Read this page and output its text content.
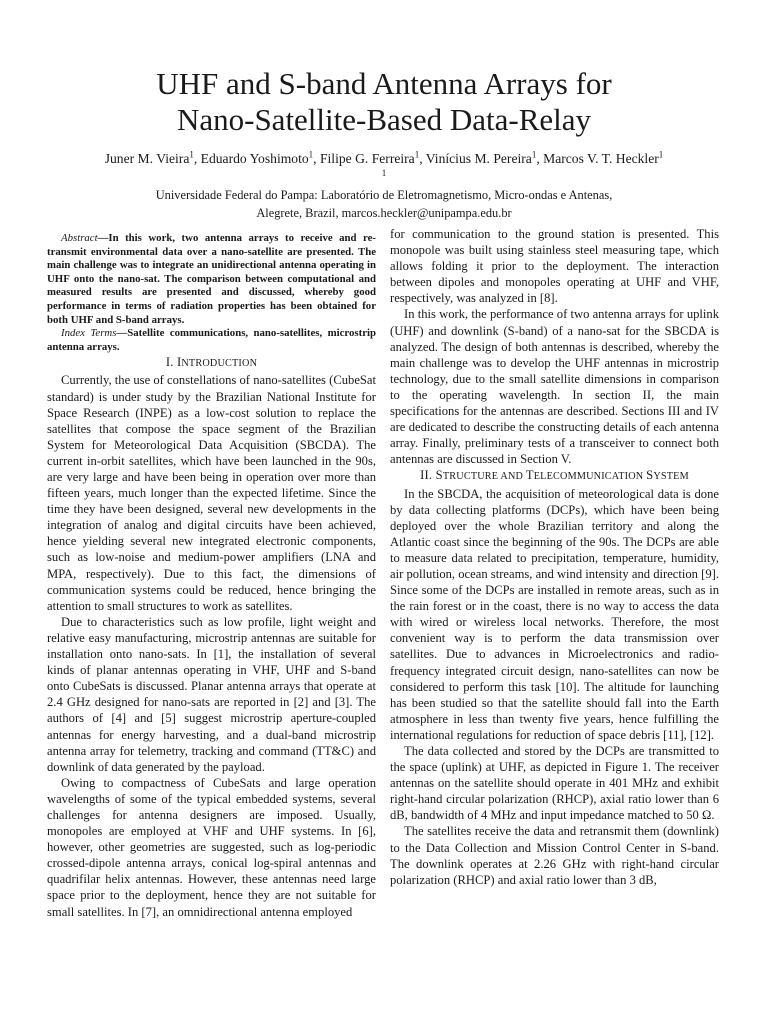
UHF and S-band Antenna Arrays for
Nano-Satellite-Based Data-Relay
Juner M. Vieira$^1$, Eduardo Yoshimoto$^1$, Filipe G. Ferreira$^1$, Vinícius M. Pereira$^1$, Marcos V. T. Heckler$^1$
$^1$
Universidade Federal do Pampa: Laboratório de Eletromagnetismo, Micro-ondas e Antenas,
Alegrete, Brazil, marcos.heckler@unipampa.edu.br

Abstract—In this work, two antenna arrays to receive and re-transmit environmental data over a nano-satellite are presented. The main challenge was to integrate an unidirectional antenna operating in UHF onto the nano-sat. The comparison between computational and measured results are presented and discussed, whereby good performance in terms of radiation properties has been obtained for both UHF and S-band arrays.

Index Terms—Satellite communications, nano-satellites, microstrip antenna arrays.

I. INTRODUCTION

Currently, the use of constellations of nano-satellites (CubeSat standard) is under study by the Brazilian National Institute for Space Research (INPE) as a low-cost solution to replace the satellites that compose the space segment of the Brazilian System for Meteorological Data Acquisition (SBCDA). The current in-orbit satellites, which have been launched in the 90s, are very large and have been being in operation over more than fifteen years, much longer than the expected lifetime. Since the time they have been designed, several new developments in the integration of analog and digital circuits have been achieved, hence yielding several new integrated electronic components, such as low-noise and medium-power amplifiers (LNA and MPA, respectively). Due to this fact, the dimensions of communication systems could be reduced, hence bringing the attention to small structures to work as satellites.

Due to characteristics such as low profile, light weight and relative easy manufacturing, microstrip antennas are suitable for installation onto nano-sats. In [1], the installation of several kinds of planar antennas operating in VHF, UHF and S-band onto CubeSats is discussed. Planar antenna arrays that operate at 2.4 GHz designed for nano-sats are reported in [2] and [3]. The authors of [4] and [5] suggest microstrip aperture-coupled antennas for energy harvesting, and a dual-band microstrip antenna array for telemetry, tracking and command (TT&C) and downlink of data generated by the payload.

Owing to compactness of CubeSats and large operation wavelengths of some of the typical embedded systems, several challenges for antenna designers are imposed. Usually, monopoles are employed at VHF and UHF systems. In [6], however, other geometries are suggested, such as log-periodic crossed-dipole antenna arrays, conical log-spiral antennas and quadrifilar helix antennas. However, these antennas need large space prior to the deployment, hence they are not suitable for small satellites. In [7], an omnidirectional antenna employed

for communication to the ground station is presented. This monopole was built using stainless steel measuring tape, which allows folding it prior to the deployment. The interaction between dipoles and monopoles operating at UHF and VHF, respectively, was analyzed in [8].

In this work, the performance of two antenna arrays for uplink (UHF) and downlink (S-band) of a nano-sat for the SBCDA is analyzed. The design of both antennas is described, whereby the main challenge was to develop the UHF antennas in microstrip technology, due to the small satellite dimensions in comparison to the operating wavelength. In section II, the main specifications for the antennas are described. Sections III and IV are dedicated to describe the constructing details of each antenna array. Finally, preliminary tests of a transceiver to connect both antennas are discussed in Section V.

II. STRUCTURE AND TELECOMMUNICATION SYSTEM

In the SBCDA, the acquisition of meteorological data is done by data collecting platforms (DCPs), which have been being deployed over the whole Brazilian territory and along the Atlantic coast since the beginning of the 90s. The DCPs are able to measure data related to precipitation, temperature, humidity, air pollution, ocean streams, and wind intensity and direction [9]. Since some of the DCPs are installed in remote areas, such as in the rain forest or in the coast, there is no way to access the data with wired or wireless local networks. Therefore, the most convenient way is to perform the data transmission over satellites. Due to advances in Microelectronics and radio-frequency integrated circuit design, nano-satellites can now be considered to perform this task [10]. The altitude for launching has been studied so that the satellite should fall into the Earth atmosphere in less than twenty five years, hence fulfilling the international regulations for reduction of space debris [11], [12].

The data collected and stored by the DCPs are transmitted to the space (uplink) at UHF, as depicted in Figure 1. The receiver antennas on the satellite should operate in 401 MHz and exhibit right-hand circular polarization (RHCP), axial ratio lower than 6 dB, bandwidth of 4 MHz and input impedance matched to 50 Ω.

The satellites receive the data and retransmit them (downlink) to the Data Collection and Mission Control Center in S-band. The downlink operates at 2.26 GHz with right-hand circular polarization (RHCP) and axial ratio lower than 3 dB,
